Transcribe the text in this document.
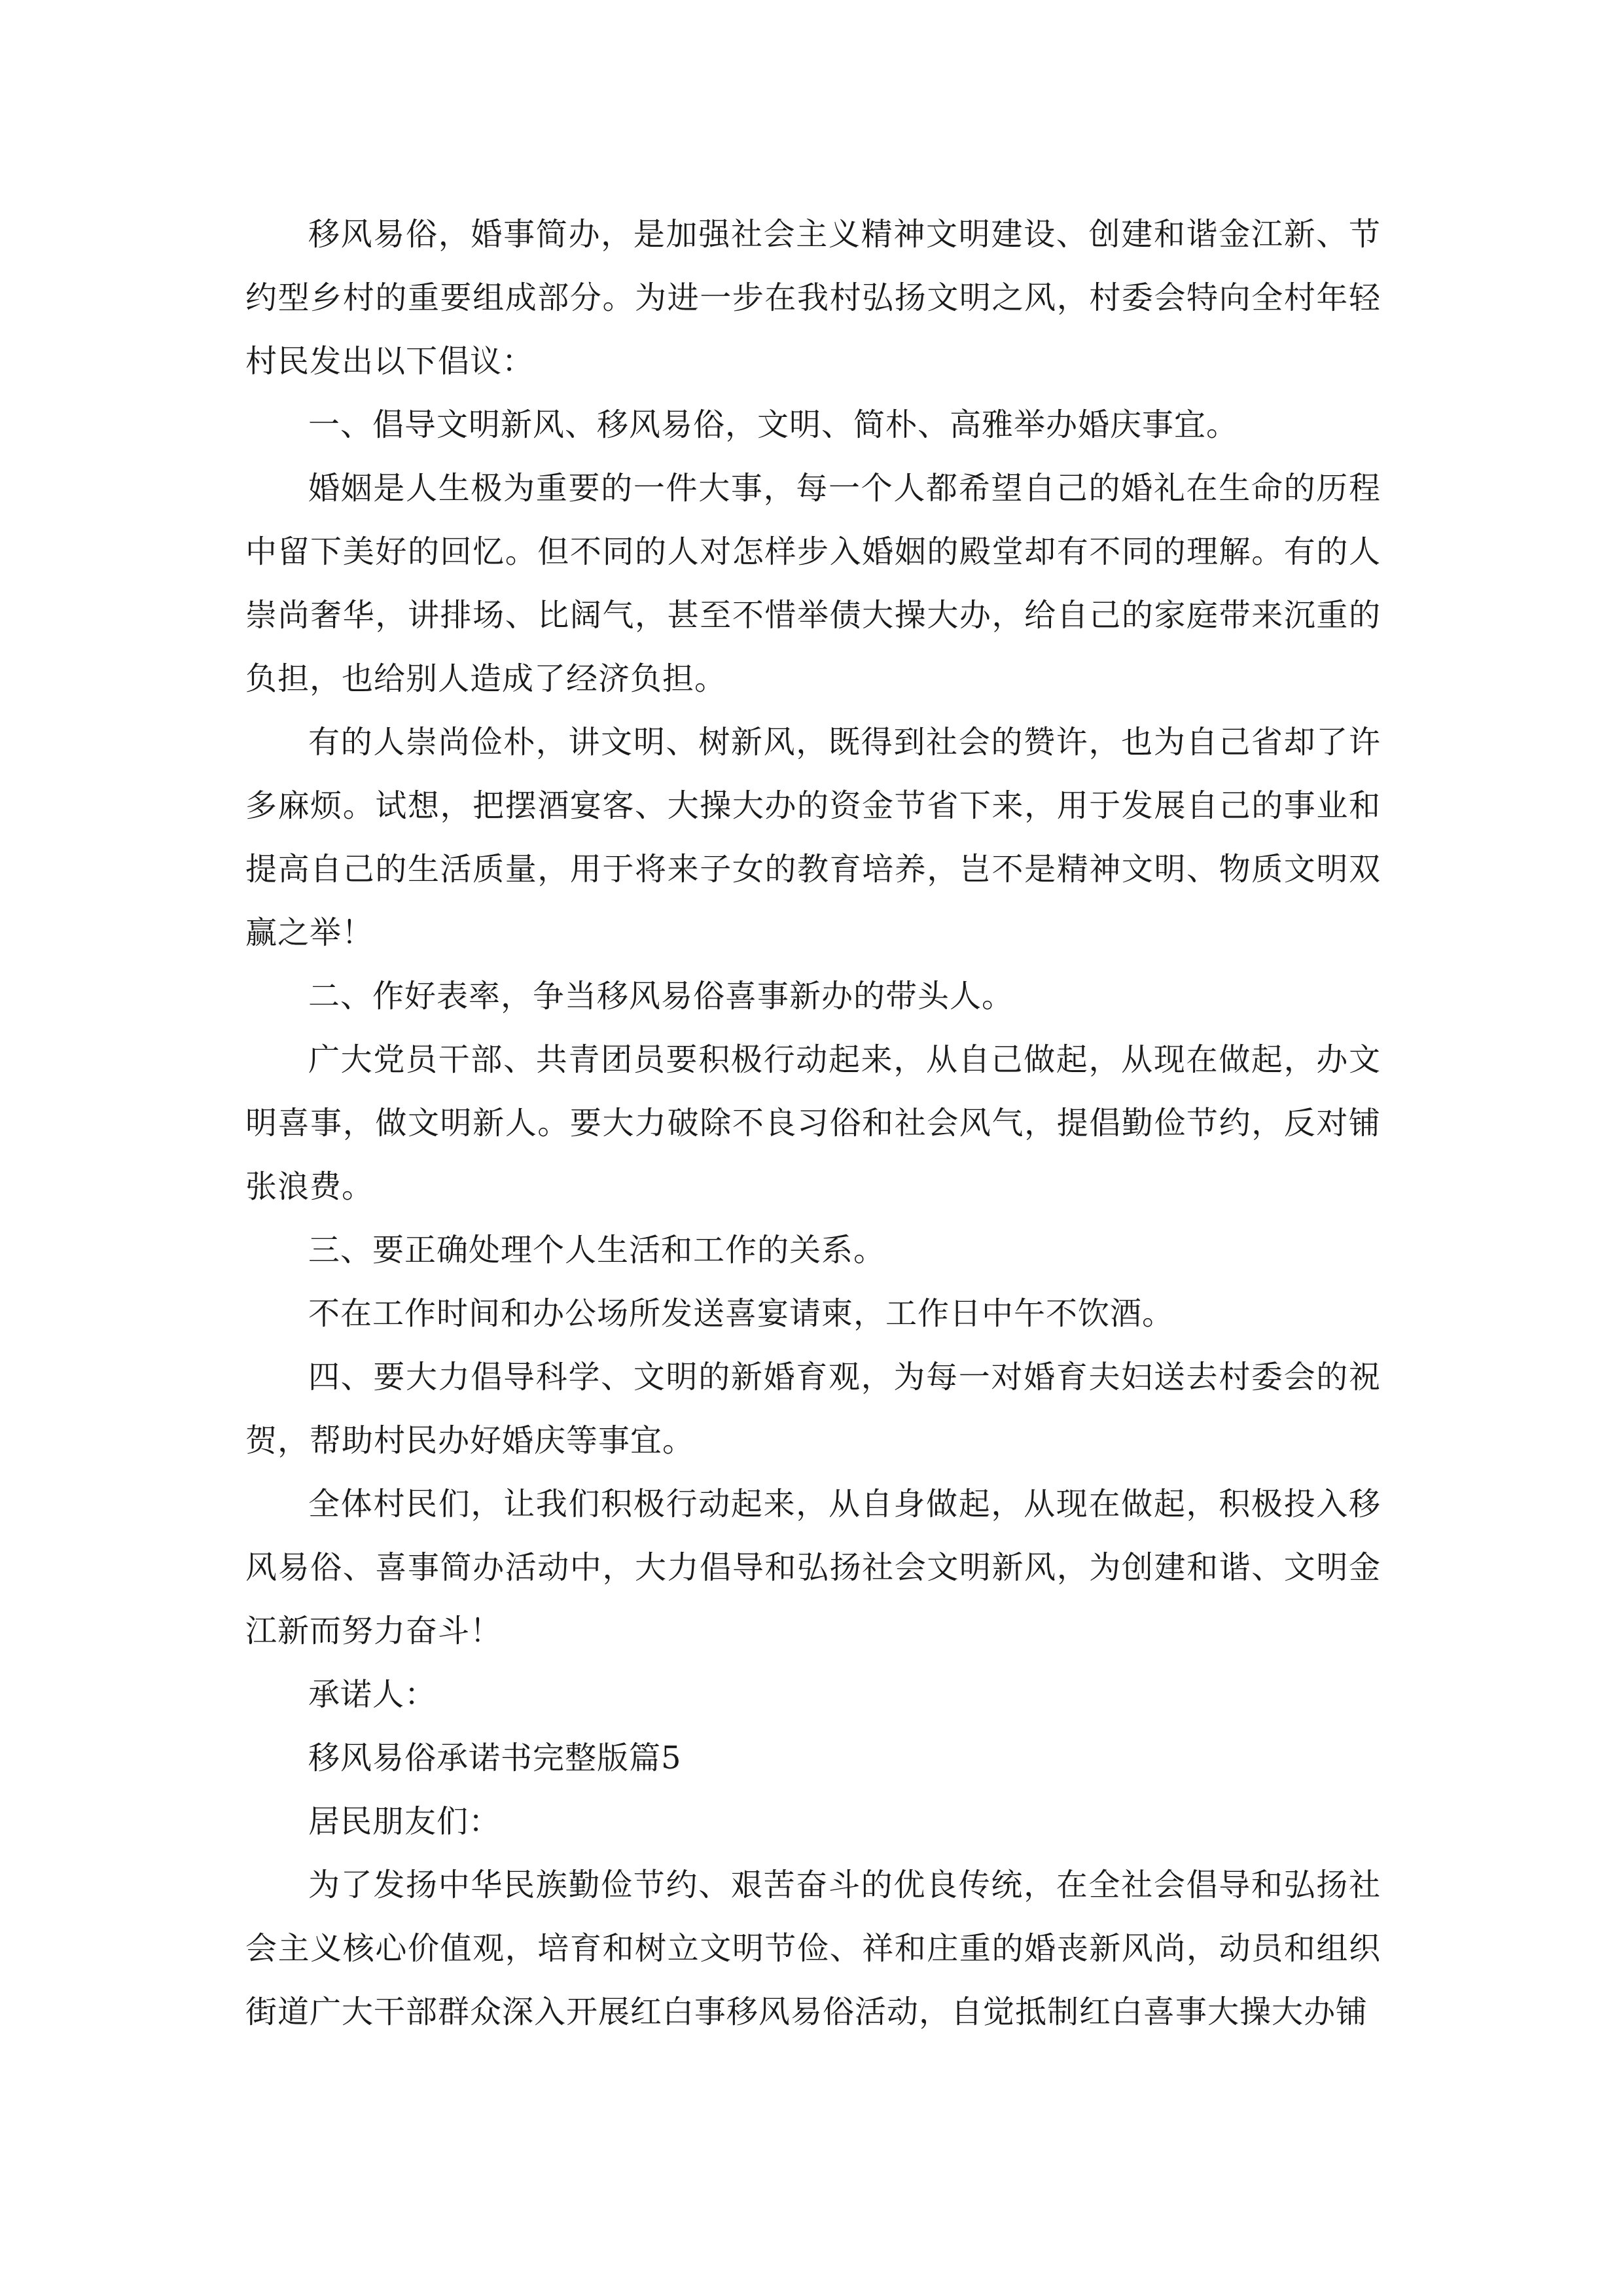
移风易俗，婚事简办，是加强社会主义精神文明建设、创建和谐金江新、节约型乡村的重要组成部分。为进一步在我村弘扬文明之风，村委会特向全村年轻村民发出以下倡议：

一、倡导文明新风、移风易俗，文明、简朴、高雅举办婚庆事宜。

婚姻是人生极为重要的一件大事，每一个人都希望自己的婚礼在生命的历程中留下美好的回忆。但不同的人对怎样步入婚姻的殿堂却有不同的理解。有的人崇尚奢华，讲排场、比阔气，甚至不惜举债大操大办，给自己的家庭带来沉重的负担，也给别人造成了经济负担。

有的人崇尚俭朴，讲文明、树新风，既得到社会的赞许，也为自己省却了许多麻烦。试想，把摆酒宴客、大操大办的资金节省下来，用于发展自己的事业和提高自己的生活质量，用于将来子女的教育培养，岂不是精神文明、物质文明双赢之举！

二、作好表率，争当移风易俗喜事新办的带头人。

广大党员干部、共青团员要积极行动起来，从自己做起，从现在做起，办文明喜事，做文明新人。要大力破除不良习俗和社会风气，提倡勤俭节约，反对铺张浪费。

三、要正确处理个人生活和工作的关系。

不在工作时间和办公场所发送喜宴请柬，工作日中午不饮酒。

四、要大力倡导科学、文明的新婚育观，为每一对婚育夫妇送去村委会的祝贺，帮助村民办好婚庆等事宜。

全体村民们，让我们积极行动起来，从自身做起，从现在做起，积极投入移风易俗、喜事简办活动中，大力倡导和弘扬社会文明新风，为创建和谐、文明金江新而努力奋斗！

承诺人：

移风易俗承诺书完整版篇5

居民朋友们：

为了发扬中华民族勤俭节约、艰苦奋斗的优良传统，在全社会倡导和弘扬社会主义核心价值观，培育和树立文明节俭、祥和庄重的婚丧新风尚，动员和组织街道广大干部群众深入开展红白事移风易俗活动，自觉抵制红白喜事大操大办铺
